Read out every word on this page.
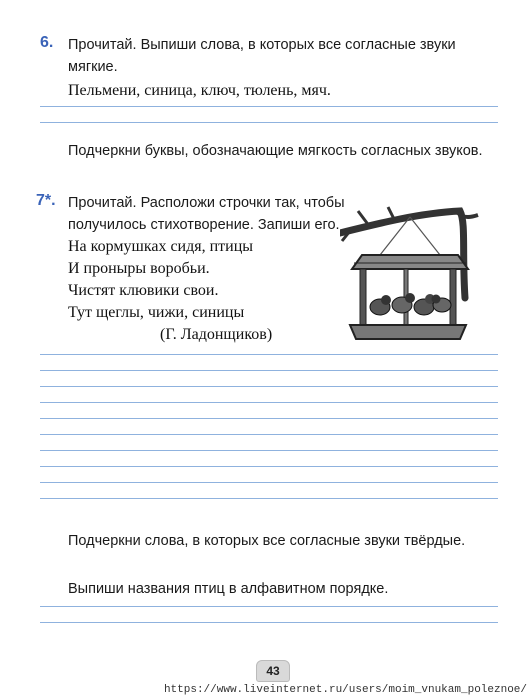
6. Прочитай. Выпиши слова, в которых все согласные звуки мягкие.
Пельмени, синица, ключ, тюлень, мяч.
Подчеркни буквы, обозначающие мягкость согласных звуков.
7*. Прочитай. Расположи строчки так, чтобы получилось стихотворение. Запиши его.
На кормушках сидя, птицы
И проныры воробьи.
Чистят клювики свои.
Тут щеглы, чижи, синицы
(Г. Ладонщиков)
Подчеркни слова, в которых все согласные звуки твёрдые.
Выпиши названия птиц в алфавитном порядке.
43
https://www.liveinternet.ru/users/moim_vnukam_poleznoe/
